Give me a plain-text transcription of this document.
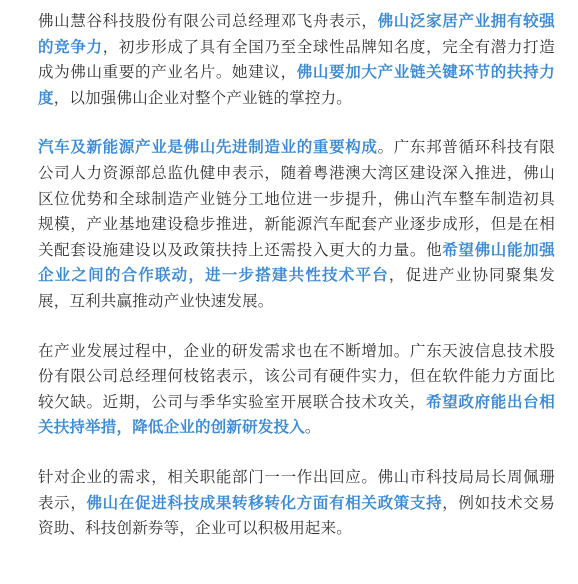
佛山慧谷科技股份有限公司总经理邓飞舟表示，佛山泛家居产业拥有较强的竞争力，初步形成了具有全国乃至全球性品牌知名度，完全有潜力打造成为佛山重要的产业名片。她建议，佛山要加大产业链关键环节的扶持力度，以加强佛山企业对整个产业链的掌控力。

汽车及新能源产业是佛山先进制造业的重要构成。广东邦普循环科技有限公司人力资源部总监仇健申表示，随着粤港澳大湾区建设深入推进，佛山区位优势和全球制造产业链分工地位进一步提升，佛山汽车整车制造初具规模，产业基地建设稳步推进，新能源汽车配套产业逐步成形，但是在相关配套设施建设以及政策扶持上还需投入更大的力量。他希望佛山能加强企业之间的合作联动，进一步搭建共性技术平台，促进产业协同聚集发展，互利共赢推动产业快速发展。

在产业发展过程中，企业的研发需求也在不断增加。广东天波信息技术股份有限公司总经理何枝铭表示，该公司有硬件实力，但在软件能力方面比较欠缺。近期，公司与季华实验室开展联合技术攻关，希望政府能出台相关扶持举措，降低企业的创新研发投入。

针对企业的需求，相关职能部门一一作出回应。佛山市科技局局长周佩珊表示，佛山在促进科技成果转移转化方面有相关政策支持，例如技术交易资助、科技创新券等，企业可以积极用起来。
